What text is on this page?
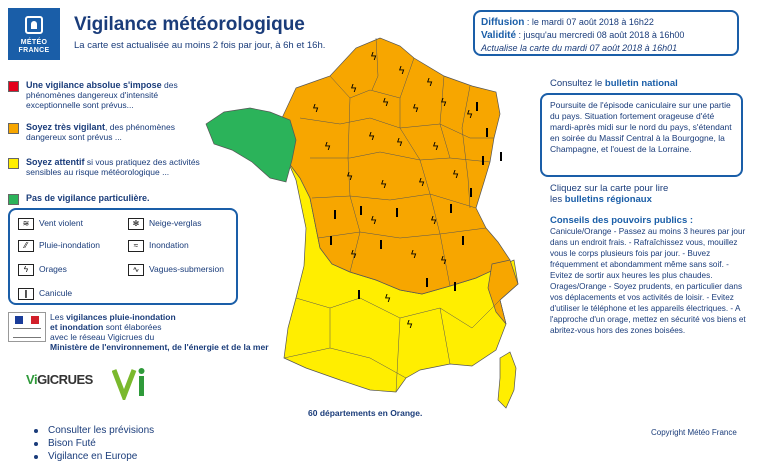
MÉTÉO
FRANCE
Vigilance météorologique
La carte est actualisée au moins 2 fois par jour, à 6h et 16h.
Diffusion : le mardi 07 août 2018 à 16h22
Validité : jusqu'au mercredi 08 août 2018 à 16h00
Actualise la carte du mardi 07 août 2018 à 16h01
Une vigilance absolue s'impose des phénomènes dangereux d'intensité exceptionnelle sont prévus...
Soyez très vigilant, des phénomènes dangereux sont prévus ...
Soyez attentif si vous pratiquez des activités sensibles au risque météorologique ...
Pas de vigilance particulière.
≋ Vent violent	✻ Neige-verglas
⁄⁄ Pluie-inondation	≈ Inondation
ϟ Orages	∿ Vagues-submersion
❙ Canicule
Les vigilances pluie-inondation
et inondation sont élaborées
avec le réseau Vigicrues du
Ministère de l'environnement, de l'énergie et de la mer
ViGICRUES
Vi
Consulter les prévisions
Bison Futé
Vigilance en Europe
ϟ
ϟ
ϟ
ϟ
ϟ ϟ
ϟ	ϟ
ϟ
ϟ
ϟ ϟ	ϟ
ϟ
ϟ	ϟ
ϟ
ϟ	ϟ
ϟ
ϟ	ϟ
ϟ
ϟ
60 départements en Orange.
Consultez le bulletin national
Poursuite de l'épisode caniculaire sur une partie du pays. Situation fortement orageuse d'été mardi-après midi sur le nord du pays, s'étendant en soirée du Massif Central à la Bourgogne, la Champagne, et l'ouest de la Lorraine.
Cliquez sur la carte pour lire
les bulletins régionaux
Conseils des pouvoirs publics :
Canicule/Orange - Passez au moins 3 heures par jour dans un endroit frais. - Rafraîchissez vous, mouillez vous le corps plusieurs fois par jour. - Buvez fréquemment et abondamment même sans soif. - Evitez de sortir aux heures les plus chaudes. Orages/Orange - Soyez prudents, en particulier dans vos déplacements et vos activités de loisir. - Evitez d'utiliser le téléphone et les appareils électriques. - A l'approche d'un orage, mettez en sécurité vos biens et abritez-vous hors des zones boisées.
Copyright Météo France
